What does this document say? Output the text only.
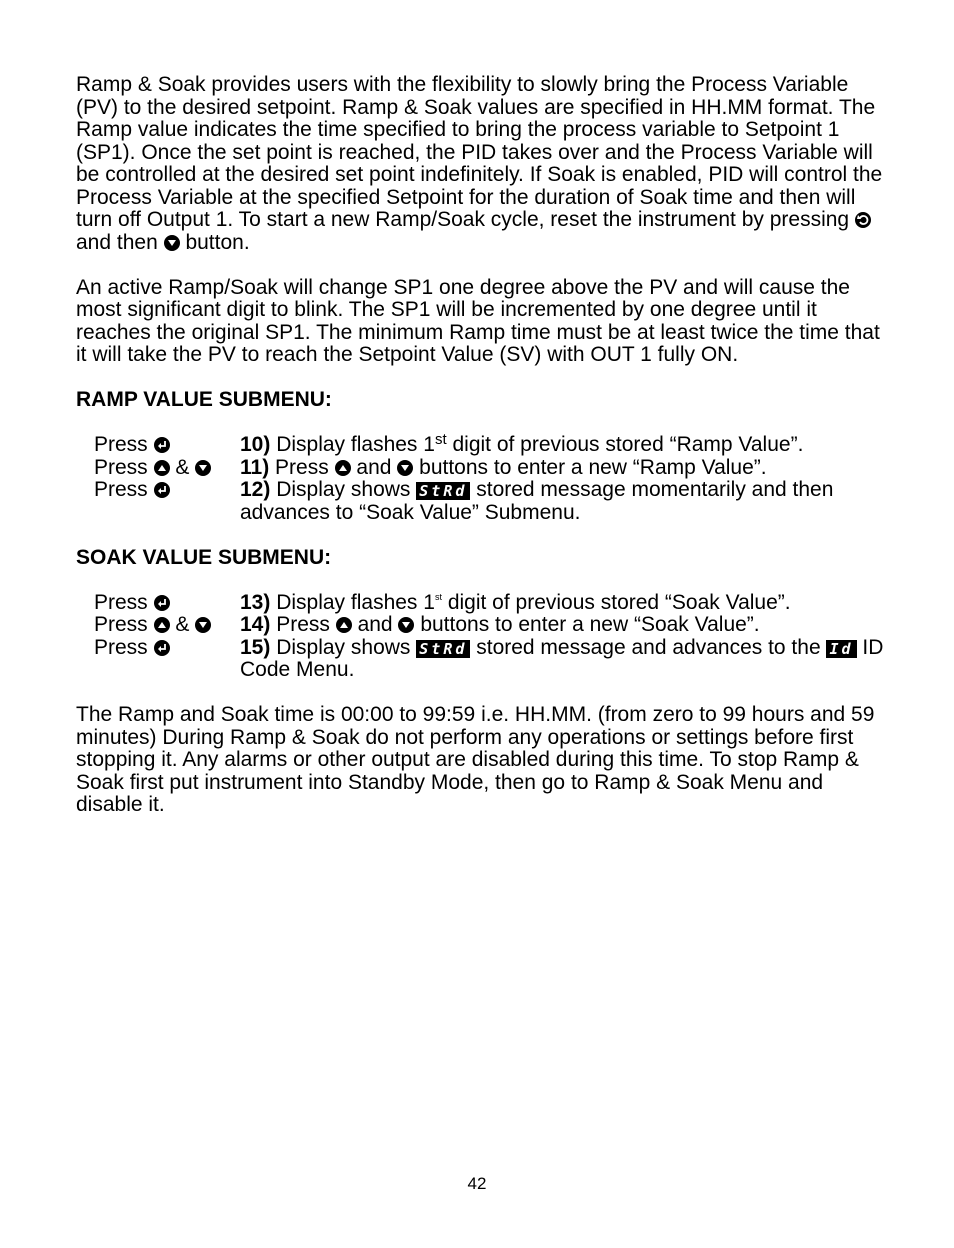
Ramp & Soak provides users with the flexibility to slowly bring the Process Variable (PV) to the desired setpoint. Ramp & Soak values are specified in HH.MM format. The Ramp value indicates the time specified to bring the process variable to Setpoint 1 (SP1). Once the set point is reached, the PID takes over and the Process Variable will be controlled at the desired set point indefinitely. If Soak is enabled, PID will control the Process Variable at the specified Setpoint for the duration of Soak time and then will turn off Output 1. To start a new Ramp/Soak cycle, reset the instrument by pressing
and then button.

An active Ramp/Soak will change SP1 one degree above the PV and will cause the most significant digit to blink. The SP1 will be incremented by one degree until it reaches the original SP1. The minimum Ramp time must be at least twice the time that it will take the PV to reach the Setpoint Value (SV) with OUT 1 fully ON.

RAMP VALUE SUBMENU:

Press	10) Display flashes 1st digit of previous stored “Ramp Value”.
Press &	11) Press and buttons to enter a new “Ramp Value”.
Press	12) Display shows StRd stored message momentarily and then advances to “Soak Value” Submenu.

SOAK VALUE SUBMENU:

Press	13) Display flashes 1st digit of previous stored “Soak Value”.
Press &	14) Press and buttons to enter a new “Soak Value”.
Press	15) Display shows StRd stored message and advances to the Id ID Code Menu.

The Ramp and Soak time is 00:00 to 99:59 i.e. HH.MM. (from zero to 99 hours and 59 minutes) During Ramp & Soak do not perform any operations or settings before first stopping it. Any alarms or other output are disabled during this time. To stop Ramp & Soak first put instrument into Standby Mode, then go to Ramp & Soak Menu and disable it.

42
